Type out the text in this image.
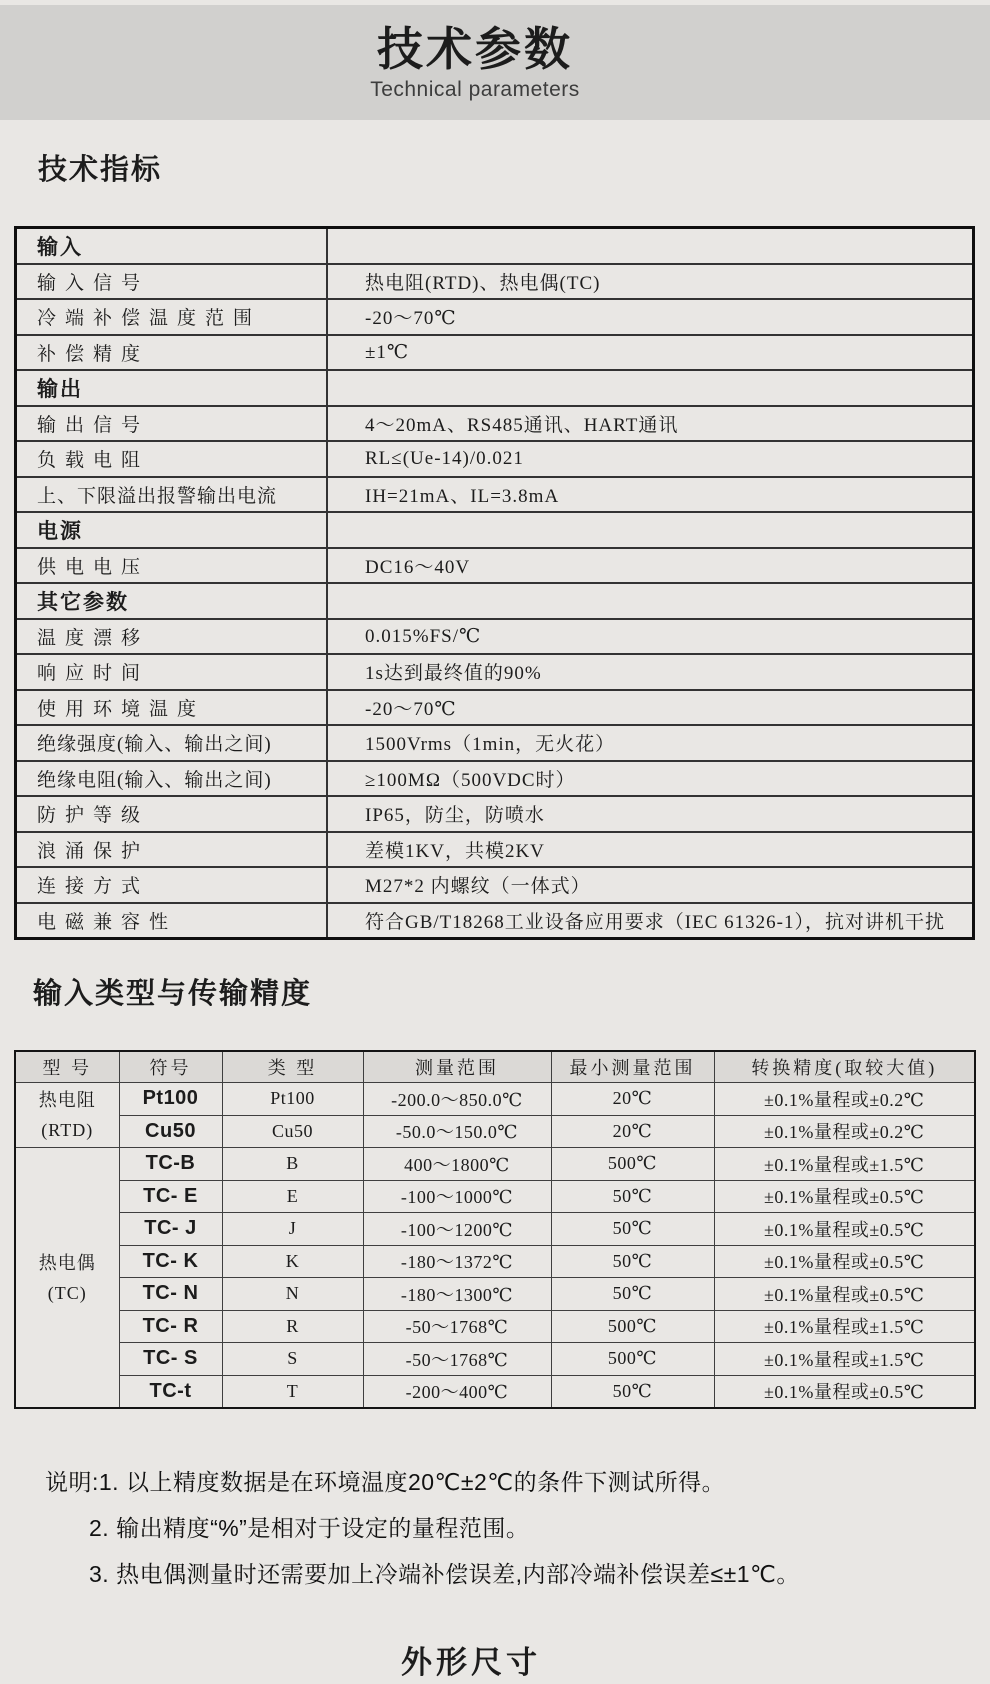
技术参数
Technical parameters
技术指标
输入	
输入信号	热电阻(RTD)、热电偶(TC)
冷端补偿温度范围	-20～70℃
补偿精度	±1℃
输出	
输出信号	4～20mA、RS485通讯、HART通讯
负载电阻	RL≤(Ue-14)/0.021
上、下限溢出报警输出电流	IH=21mA、IL=3.8mA
电源	
供电电压	DC16～40V
其它参数	
温度漂移	0.015%FS/℃
响应时间	1s达到最终值的90%
使用环境温度	-20～70℃
绝缘强度(输入、输出之间)	1500Vrms（1min，无火花）
绝缘电阻(输入、输出之间)	≥100MΩ（500VDC时）
防护等级	IP65，防尘，防喷水
浪涌保护	差模1KV，共模2KV
连接方式	M27*2 内螺纹（一体式）
电磁兼容性	符合GB/T18268工业设备应用要求（IEC 61326-1），抗对讲机干扰
输入类型与传输精度
型 号	符号	类 型	测量范围	最小测量范围	转换精度(取较大值)

热电阻
(RTD)	Pt100	Pt100	-200.0～850.0℃	20℃	±0.1%量程或±0.2℃
	Cu50	Cu50	-50.0～150.0℃	20℃	±0.1%量程或±0.2℃

热电偶
(TC)	TC-B	B	400～1800℃	500℃	±0.1%量程或±1.5℃
	TC- E	E	-100～1000℃	50℃	±0.1%量程或±0.5℃
	TC- J	J	-100～1200℃	50℃	±0.1%量程或±0.5℃
	TC- K	K	-180～1372℃	50℃	±0.1%量程或±0.5℃
	TC- N	N	-180～1300℃	50℃	±0.1%量程或±0.5℃
	TC- R	R	-50～1768℃	500℃	±0.1%量程或±1.5℃
	TC- S	S	-50～1768℃	500℃	±0.1%量程或±1.5℃
	TC-t	T	-200～400℃	50℃	±0.1%量程或±0.5℃
说明:1. 以上精度数据是在环境温度20℃±2℃的条件下测试所得。
2. 输出精度“%”是相对于设定的量程范围。
3. 热电偶测量时还需要加上冷端补偿误差,内部冷端补偿误差≤±1℃。
外形尺寸
